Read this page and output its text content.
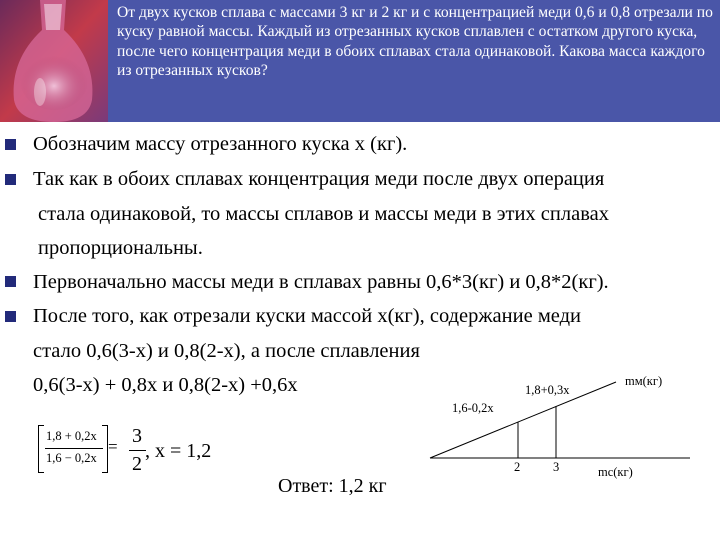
От двух кусков сплава с массами 3 кг и 2 кг и с концентрацией меди 0,6 и 0,8 отрезали по куску равной массы. Каждый из отрезанных кусков сплавлен с остатком другого куска, после чего концентрация меди в обоих сплавах стала одинаковой. Какова масса каждого из отрезанных кусков?
Обозначим массу отрезанного куска х (кг).
Так как в обоих сплавах концентрация меди после двух операция
стала одинаковой, то массы сплавов и массы меди в этих сплавах
пропорциональны.
Первоначально массы меди в сплавах равны 0,6*3(кг) и 0,8*2(кг).
После того, как отрезали куски массой х(кг), содержание меди
стало 0,6(3-х) и 0,8(2-х), а после сплавления
0,6(3-х) + 0,8х и 0,8(2-х) +0,6х
1,8 + 0,2x
1,6 − 0,2x
= 3
2
, х = 1,2
Ответ: 1,2 кг
mм(кг)
1,8+0,3х
1,6-0,2х
2	3	mс(кг)
